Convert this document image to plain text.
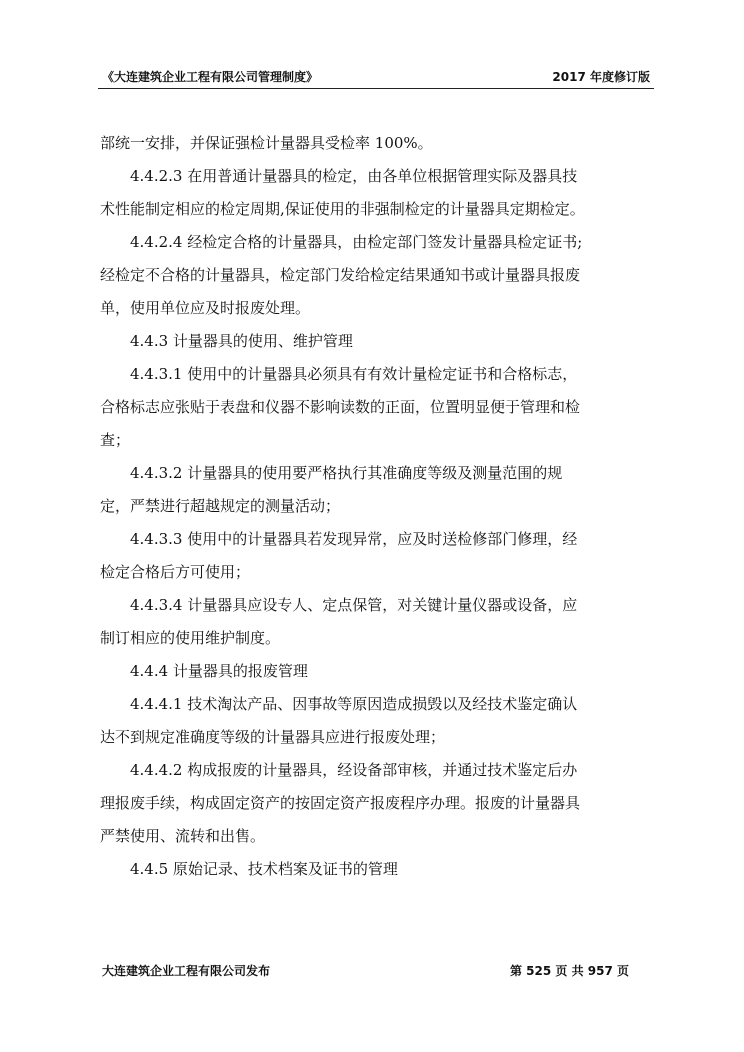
《大连建筑企业工程有限公司管理制度》	2017 年度修订版
部统一安排，并保证强检计量器具受检率 100%。
　　4.4.2.3 在用普通计量器具的检定，由各单位根据管理实际及器具技
术性能制定相应的检定周期,保证使用的非强制检定的计量器具定期检定。
　　4.4.2.4 经检定合格的计量器具，由检定部门签发计量器具检定证书;
经检定不合格的计量器具，检定部门发给检定结果通知书或计量器具报废
单，使用单位应及时报废处理。
　　4.4.3 计量器具的使用、维护管理
　　4.4.3.1 使用中的计量器具必须具有有效计量检定证书和合格标志，
合格标志应张贴于表盘和仪器不影响读数的正面，位置明显便于管理和检
查；
　　4.4.3.2 计量器具的使用要严格执行其准确度等级及测量范围的规
定，严禁进行超越规定的测量活动；
　　4.4.3.3 使用中的计量器具若发现异常，应及时送检修部门修理，经
检定合格后方可使用；
　　4.4.3.4 计量器具应设专人、定点保管，对关键计量仪器或设备，应
制订相应的使用维护制度。
　　4.4.4 计量器具的报废管理
　　4.4.4.1 技术淘汰产品、因事故等原因造成损毁以及经技术鉴定确认
达不到规定准确度等级的计量器具应进行报废处理；
　　4.4.4.2 构成报废的计量器具，经设备部审核，并通过技术鉴定后办
理报废手续，构成固定资产的按固定资产报废程序办理。报废的计量器具
严禁使用、流转和出售。
　　4.4.5 原始记录、技术档案及证书的管理
大连建筑企业工程有限公司发布	第 525 页 共 957 页
